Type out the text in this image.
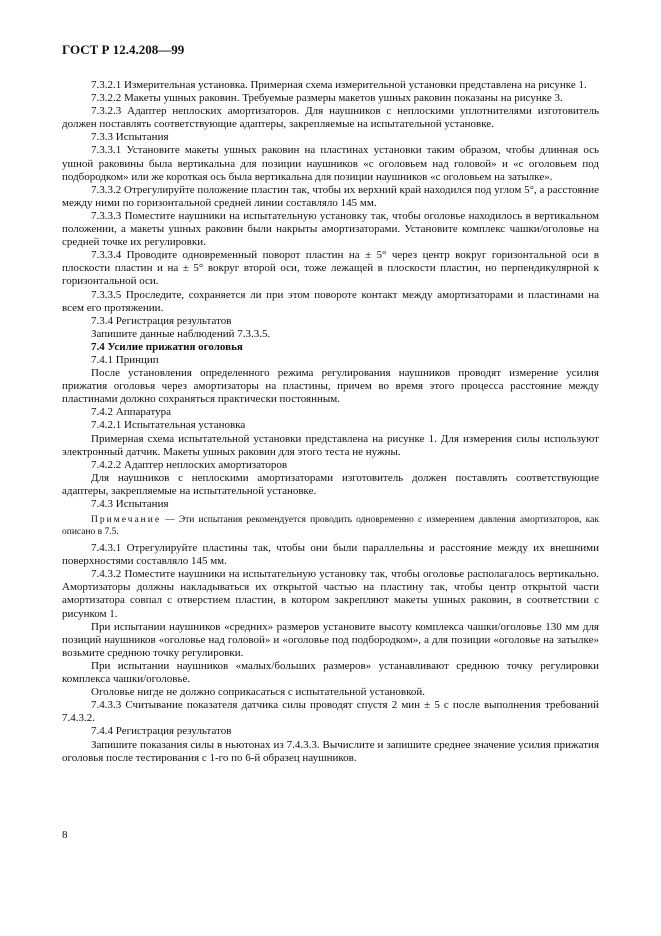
ГОСТ Р 12.4.208—99

7.3.2.1 Измерительная установка. Примерная схема измерительной установки представлена на рисунке 1.

7.3.2.2 Макеты ушных раковин. Требуемые размеры макетов ушных раковин показаны на рисунке 3.

7.3.2.3 Адаптер неплоских амортизаторов. Для наушников с неплоскими уплотнителями изготовитель должен поставлять соответствующие адаптеры, закрепляемые на испытательной установке.

7.3.3 Испытания

7.3.3.1 Установите макеты ушных раковин на пластинах установки таким образом, чтобы длинная ось ушной раковины была вертикальна для позиции наушников «с оголовьем над головой» и «с оголовьем под подбородком» или же короткая ось была вертикальна для позиции наушников «с оголовьем на затылке».

7.3.3.2 Отрегулируйте положение пластин так, чтобы их верхний край находился под углом 5°, а расстояние между ними по горизонтальной средней линии составляло 145 мм.

7.3.3.3 Поместите наушники на испытательную установку так, чтобы оголовье находилось в вертикальном положении, а макеты ушных раковин были накрыты амортизаторами. Установите комплекс чашки/оголовье на средней точке их регулировки.

7.3.3.4 Проводите одновременный поворот пластин на ± 5° через центр вокруг горизонтальной оси в плоскости пластин и на ± 5° вокруг второй оси, тоже лежащей в плоскости пластин, но перпендикулярной к горизонтальной оси.

7.3.3.5 Проследите, сохраняется ли при этом повороте контакт между амортизаторами и пластинами на всем его протяжении.

7.3.4 Регистрация результатов

Запишите данные наблюдений 7.3.3.5.

7.4 Усилие прижатия оголовья

7.4.1 Принцип

После установления определенного режима регулирования наушников проводят измерение усилия прижатия оголовья через амортизаторы на пластины, причем во время этого процесса расстояние между пластинами должно сохраняться практически постоянным.

7.4.2 Аппаратура

7.4.2.1 Испытательная установка

Примерная схема испытательной установки представлена на рисунке 1. Для измерения силы используют электронный датчик. Макеты ушных раковин для этого теста не нужны.

7.4.2.2 Адаптер неплоских амортизаторов

Для наушников с неплоскими амортизаторами изготовитель должен поставлять соответствующие адаптеры, закрепляемые на испытательной установке.

7.4.3 Испытания

Примечание — Эти испытания рекомендуется проводить одновременно с измерением давления амортизаторов, как описано в 7.5.

7.4.3.1 Отрегулируйте пластины так, чтобы они были параллельны и расстояние между их внешними поверхностями составляло 145 мм.

7.4.3.2 Поместите наушники на испытательную установку так, чтобы оголовье располагалось вертикально. Амортизаторы должны накладываться их открытой частью на пластину так, чтобы центр открытой части амортизатора совпал с отверстием пластин, в котором закрепляют макеты ушных раковин, в соответствии с рисунком 1.

При испытании наушников «средних» размеров установите высоту комплекса чашки/оголовье 130 мм для позиций наушников «оголовье над головой» и «оголовье под подбородком», а для позиции «оголовье на затылке» возьмите среднюю точку регулировки.

При испытании наушников «малых/больших размеров» устанавливают среднюю точку регулировки комплекса чашки/оголовье.

Оголовье нигде не должно соприкасаться с испытательной установкой.

7.4.3.3 Считывание показателя датчика силы проводят спустя 2 мин ± 5 с после выполнения требований 7.4.3.2.

7.4.4 Регистрация результатов

Запишите показания силы в ньютонах из 7.4.3.3. Вычислите и запишите среднее значение усилия прижатия оголовья после тестирования с 1-го по 6-й образец наушников.

8
